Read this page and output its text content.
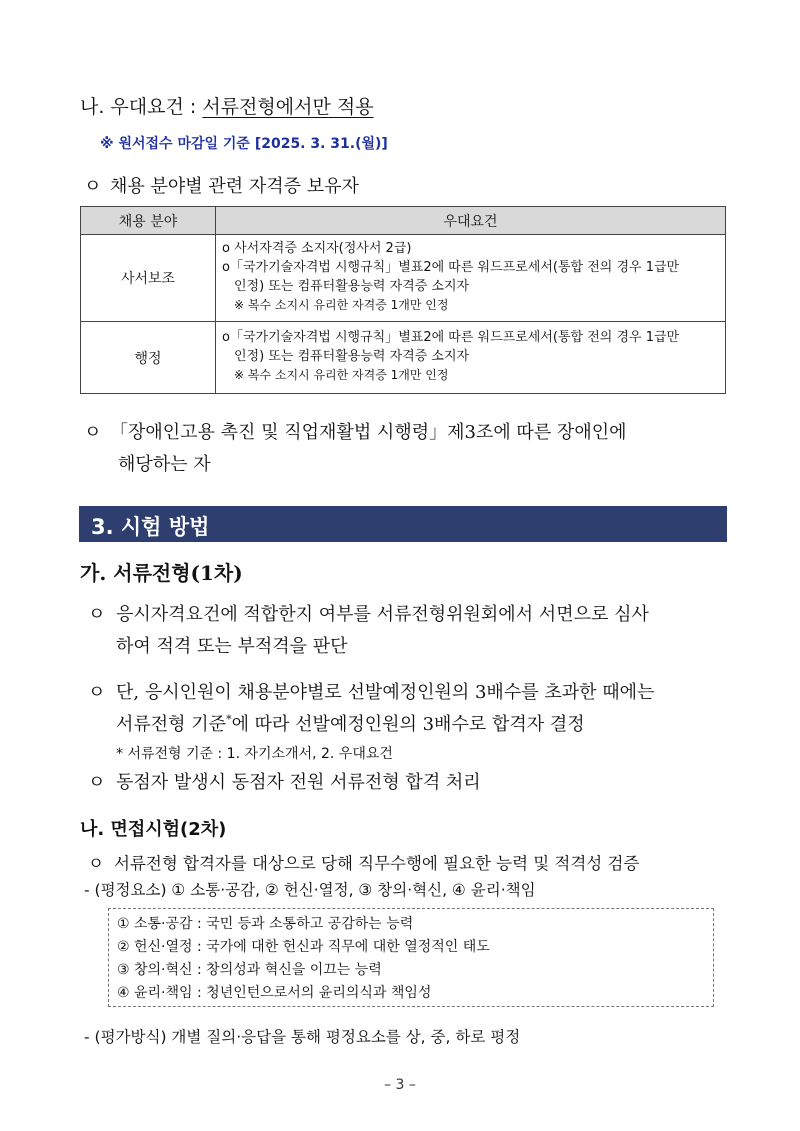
나. 우대요건 : 서류전형에서만 적용
※ 원서접수 마감일 기준 [2025. 3. 31.(월)]
ㅇ 채용 분야별 관련 자격증 보유자
채용 분야	우대요건
사서보조	o 사서자격증 소지자(정사서 2급)
o「국가기술자격법 시행규칙」별표2에 따른 워드프로세서(통합 전의 경우 1급만
인정) 또는 컴퓨터활용능력 자격증 소지자
※ 복수 소지시 유리한 자격증 1개만 인정

행정	o「국가기술자격법 시행규칙」별표2에 따른 워드프로세서(통합 전의 경우 1급만
인정) 또는 컴퓨터활용능력 자격증 소지자
※ 복수 소지시 유리한 자격증 1개만 인정
ㅇ 「장애인고용 촉진 및 직업재활법 시행령」제3조에 따른 장애인에
해당하는 자
3. 시험 방법
가. 서류전형(1차)
ㅇ 응시자격요건에 적합한지 여부를 서류전형위원회에서 서면으로 심사
하여 적격 또는 부적격을 판단
ㅇ 단, 응시인원이 채용분야별로 선발예정인원의 3배수를 초과한 때에는
서류전형 기준*에 따라 선발예정인원의 3배수로 합격자 결정
* 서류전형 기준 : 1. 자기소개서, 2. 우대요건
ㅇ 동점자 발생시 동점자 전원 서류전형 합격 처리
나. 면접시험(2차)
ㅇ 서류전형 합격자를 대상으로 당해 직무수행에 필요한 능력 및 적격성 검증
- (평정요소) ① 소통·공감, ② 헌신·열정, ③ 창의·혁신, ④ 윤리·책임
① 소통·공감 : 국민 등과 소통하고 공감하는 능력
② 헌신·열정 : 국가에 대한 헌신과 직무에 대한 열정적인 태도
③ 창의·혁신 : 창의성과 혁신을 이끄는 능력
④ 윤리·책임 : 청년인턴으로서의 윤리의식과 책임성
- (평가방식) 개별 질의·응답을 통해 평정요소를 상, 중, 하로 평정
– 3 –
